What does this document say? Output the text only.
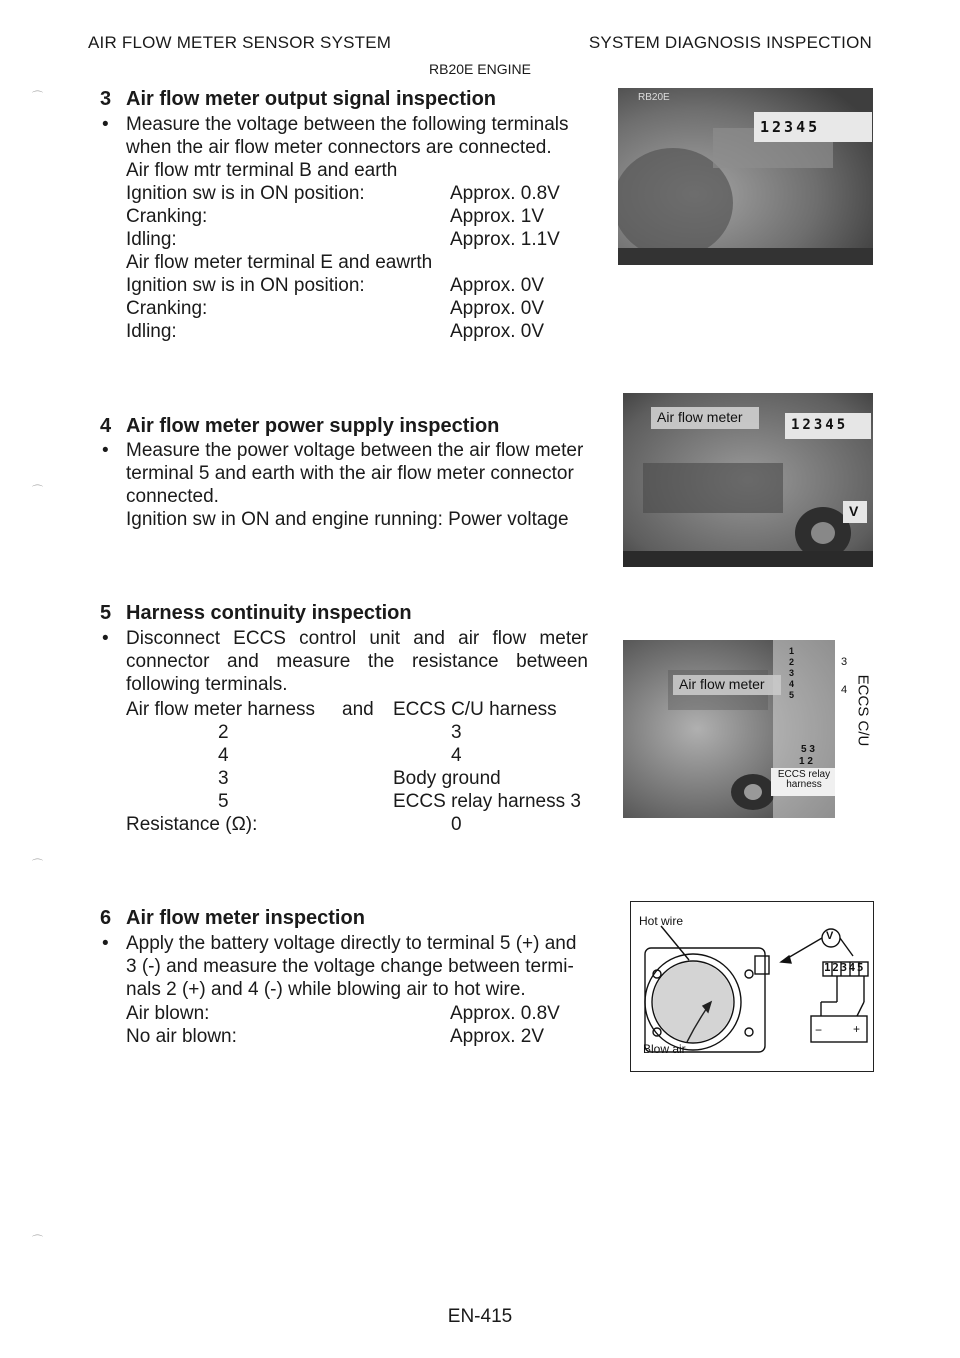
AIR FLOW METER SENSOR SYSTEM	SYSTEM DIAGNOSIS INSPECTION
RB20E ENGINE
3 Air flow meter output signal inspection
• Measure the voltage between the following terminals
when the air flow meter connectors are connected.
Air flow mtr terminal B and earth
Ignition sw is in ON position:	Approx. 0.8V
Cranking:	Approx. 1V
Idling:	Approx. 1.1V
Air flow meter terminal E and eawrth
Ignition sw is in ON position:	Approx. 0V
Cranking:	Approx. 0V
Idling:	Approx. 0V
RB20E
12345
4 Air flow meter power supply inspection
• Measure the power voltage between the air flow meter
terminal 5 and earth with the air flow meter connector
connected.
Ignition sw in ON and engine running: Power voltage
Air flow meter	12345
V
5 Harness continuity inspection
• Disconnect ECCS control unit and air flow meter
connector and measure the resistance between
following terminals.
Air flow meter harness and ECCS C/U harness
2	3
4	4
3	Body ground
5	ECCS relay harness 3
Resistance (Ω):	0
Air flow meter
1
2
3
4
5
3
4 ECCS C/U
5 3
1 2
ECCS relay
harness
6 Air flow meter inspection
• Apply the battery voltage directly to terminal 5 (+) and
3 (-) and measure the voltage change between termi-
nals 2 (+) and 4 (-) while blowing air to hot wire.
Air blown:	Approx. 0.8V
No air blown:	Approx. 2V
Hot wire
Blow air
12345
V
−	+
⌒
⌒
⌒
⌒
EN-415
